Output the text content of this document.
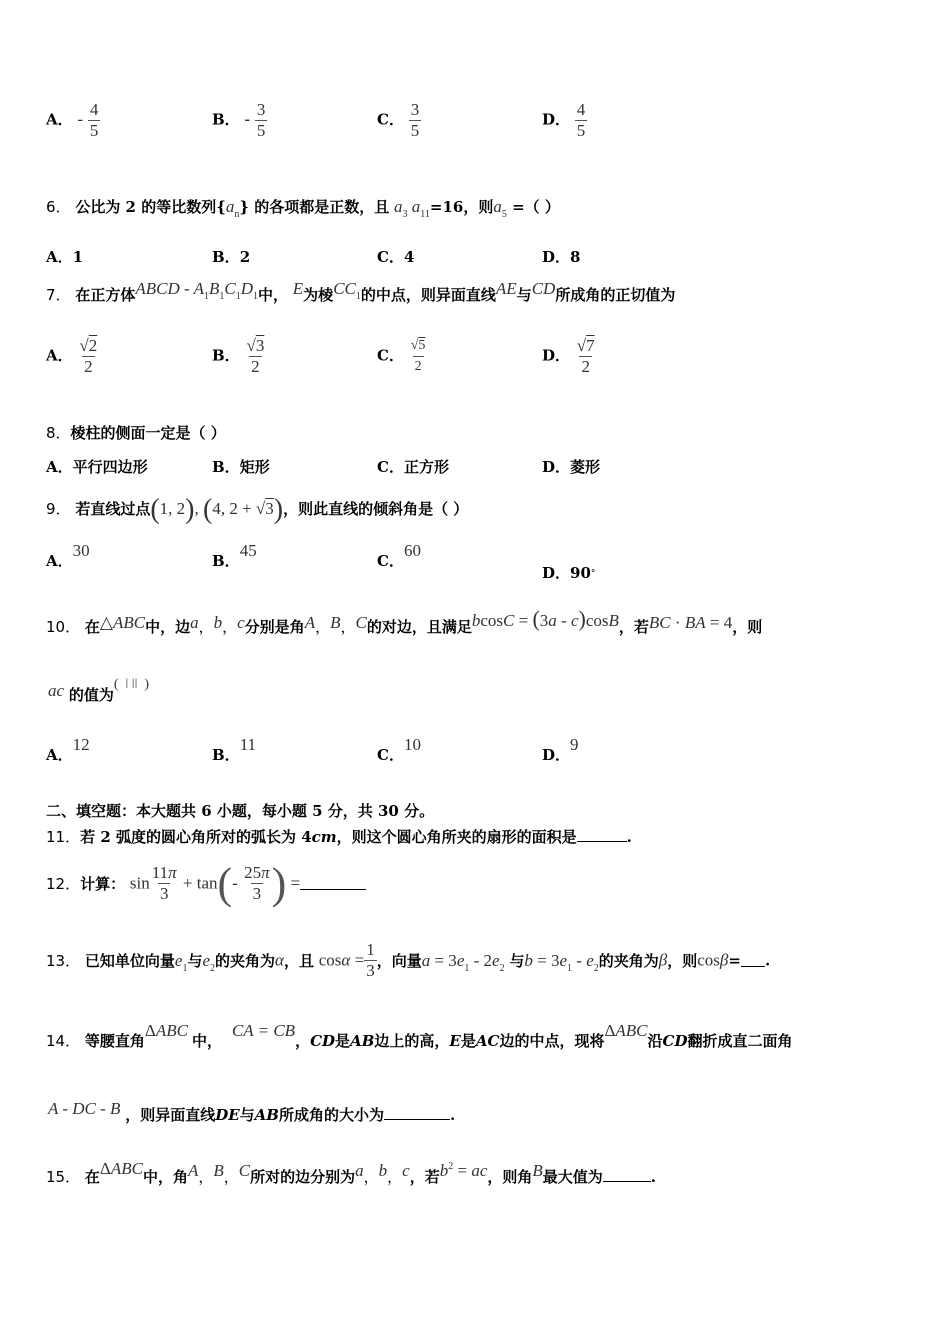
A． - $\frac{4}{5}$	B． - $\frac{3}{5}$	C． $\frac{3}{5}$	D． $\frac{4}{5}$
6． 公比为 2 的等比数列$\{a_n\}$ 的各项都是正数，且 $a_3$ $a_{11}=16$，则$a_5$ =（ ）
A．1	B．2	C．4	D．8
7． 在正方体ABCD - $A_1B_1C_1D_1$中， E为棱$CC_1$的中点，则异面直线AE与CD所成角的正切值为
A． $\frac{√2}{2}$	B． $\frac{√3}{2}$	C． $\frac{√5}{2}$	D． $\frac{√7}{2}$
8．棱柱的侧面一定是（ ）
A．平行四边形	B．矩形	C．正方形	D．菱形
9． 若直线过点(1, 2), (4, 2 + √3)，则此直线的倾斜角是（ ）
A．30
B．45
C．60
D．90°
10． 在△ABC中，边a，b，c分别是角A，B，C的对边，且满足bcosC = (3a - c)cosB，若BC · BA = 4，则
ac 的值为(  ǀ ǀǀ  )
A．12
B．11
C．10
D．9
二、填空题：本大题共 6 小题，每小题 5 分，共 30 分。
11．若 2 弧度的圆心角所对的弧长为 4cm，则这个圆心角所夹的扇形的面积是	.
12．计算： $\sin \frac{11\pi}{3} + \tan(- \frac{25\pi}{3}$ ) =
13． 已知单位向量$e_1$与$e_2$的夹角为α，且 $\cos\alpha = \frac{1}{3}$ ，向量$a = 3e_1 - 2e_2$ 与$b = 3e_1 - e_2$的夹角为β，则cosβ= .
14． 等腰直角ΔABC中，CA = CB，CD是AB边上的高，E是AC边的中点，现将ΔABC沿CD翻折成直二面角
A - DC - B ，则异面直线DE与AB所成角的大小为	.
15． 在ΔABC中，角A，B，C所对的边分别为a，b，c，若$b^2$ = ac，则角B最大值为	.
